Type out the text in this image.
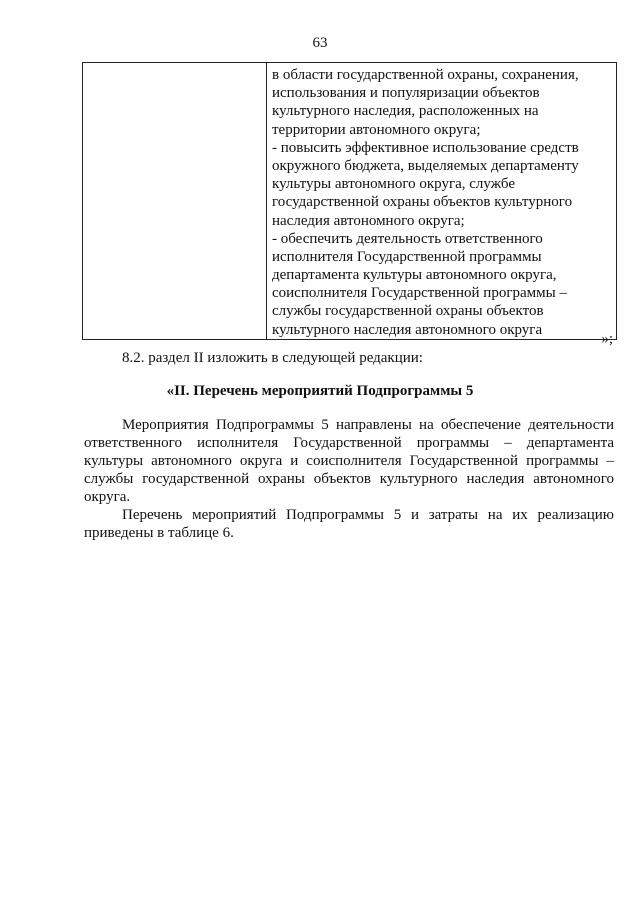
63

в области государственной охраны, сохранения,
использования и популяризации объектов
культурного наследия, расположенных на
территории автономного округа;
- повысить эффективное использование средств
окружного бюджета, выделяемых департаменту
культуры автономного округа, службе
государственной охраны объектов культурного
наследия автономного округа;
- обеспечить деятельность ответственного
исполнителя Государственной программы
департамента культуры автономного округа,
соисполнителя Государственной программы –
службы государственной охраны объектов
культурного наследия автономного округа
»;
8.2. раздел II изложить в следующей редакции:
«II. Перечень мероприятий Подпрограммы 5
Мероприятия Подпрограммы 5 направлены на обеспечение деятельности
ответственного исполнителя Государственной программы – департамента
культуры автономного округа и соисполнителя Государственной программы –
службы государственной охраны объектов культурного наследия автономного
округа.
Перечень мероприятий Подпрограммы 5 и затраты на их реализацию
приведены в таблице 6.
